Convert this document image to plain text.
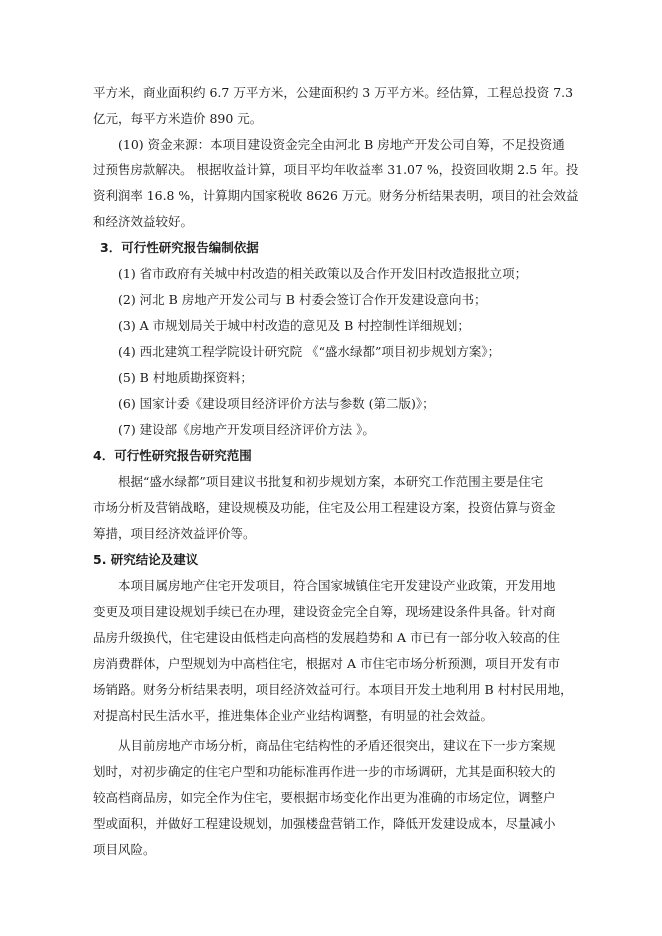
平方米，商业面积约 6.7 万平方米，公建面积约 3 万平方米。经估算，工程总投资 7.3
亿元，每平方米造价 890 元。
(10) 资金来源：本项目建设资金完全由河北 B 房地产开发公司自筹，不足投资通
过预售房款解决。 根据收益计算，项目平均年收益率 31.07 %，投资回收期 2.5 年。投
资利润率 16.8 %，计算期内国家税收 8626 万元。财务分析结果表明，项目的社会效益
和经济效益较好。
3．可行性研究报告编制依据
(1) 省市政府有关城中村改造的相关政策以及合作开发旧村改造报批立项；
(2) 河北 B 房地产开发公司与 B 村委会签订合作开发建设意向书；
(3) A 市规划局关于城中村改造的意见及 B 村控制性详细规划；
(4) 西北建筑工程学院设计研究院 《“盛水绿都”项目初步规划方案》；
(5) B 村地质勘探资料；
(6) 国家计委《建设项目经济评价方法与参数 (第二版)》；
(7) 建设部《房地产开发项目经济评价方法 》。
4．可行性研究报告研究范围
根据“盛水绿都”项目建议书批复和初步规划方案，本研究工作范围主要是住宅
市场分析及营销战略，建设规模及功能，住宅及公用工程建设方案，投资估算与资金
筹措，项目经济效益评价等。
5. 研究结论及建议
本项目属房地产住宅开发项目，符合国家城镇住宅开发建设产业政策，开发用地
变更及项目建设规划手续已在办理，建设资金完全自筹，现场建设条件具备。针对商
品房升级换代，住宅建设由低档走向高档的发展趋势和 A 市已有一部分收入较高的住
房消费群体，户型规划为中高档住宅，根据对 A 市住宅市场分析预测，项目开发有市
场销路。财务分析结果表明，项目经济效益可行。本项目开发土地利用 B 村村民用地，
对提高村民生活水平，推进集体企业产业结构调整，有明显的社会效益。
从目前房地产市场分析，商品住宅结构性的矛盾还很突出，建议在下一步方案规
划时，对初步确定的住宅户型和功能标准再作进一步的市场调研，尤其是面积较大的
较高档商品房，如完全作为住宅，要根据市场变化作出更为准确的市场定位，调整户
型或面积，并做好工程建设规划，加强楼盘营销工作，降低开发建设成本，尽量减小
项目风险。
